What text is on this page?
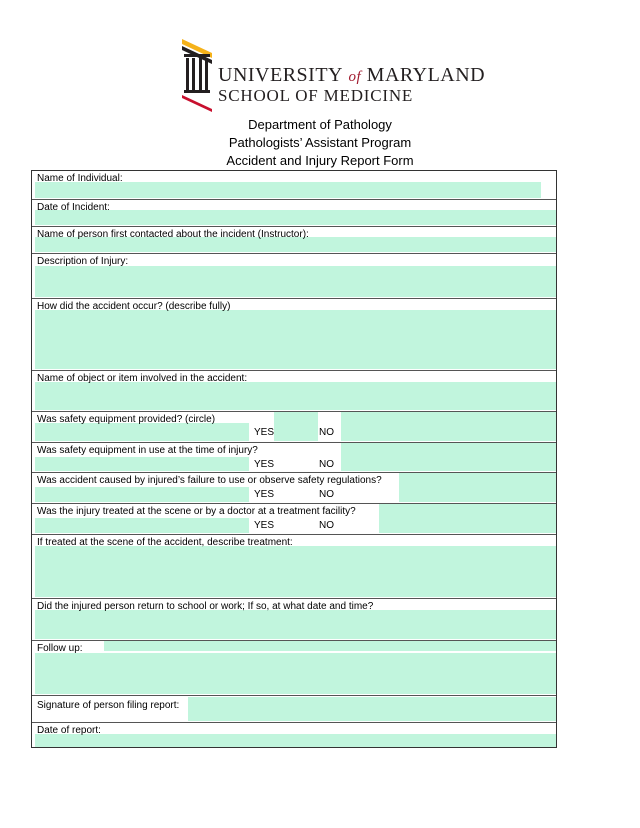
UNIVERSITY of MARYLAND
SCHOOL OF MEDICINE
Department of Pathology
Pathologists’ Assistant Program
Accident and Injury Report Form
Name of Individual:
Date of Incident:
Name of person first contacted about the incident (Instructor):
Description of Injury:
How did the accident occur? (describe fully)
Name of object or item involved in the accident:
Was safety equipment provided? (circle)
YES	NO
Was safety equipment in use at the time of injury?
YES	NO
Was accident caused by injured’s failure to use or observe safety regulations?
YES	NO
Was the injury treated at the scene or by a doctor at a treatment facility?
YES	NO
If treated at the scene of the accident, describe treatment:
Did the injured person return to school or work; If so, at what date and time?
Follow up:
Signature of person filing report:
Date of report:
